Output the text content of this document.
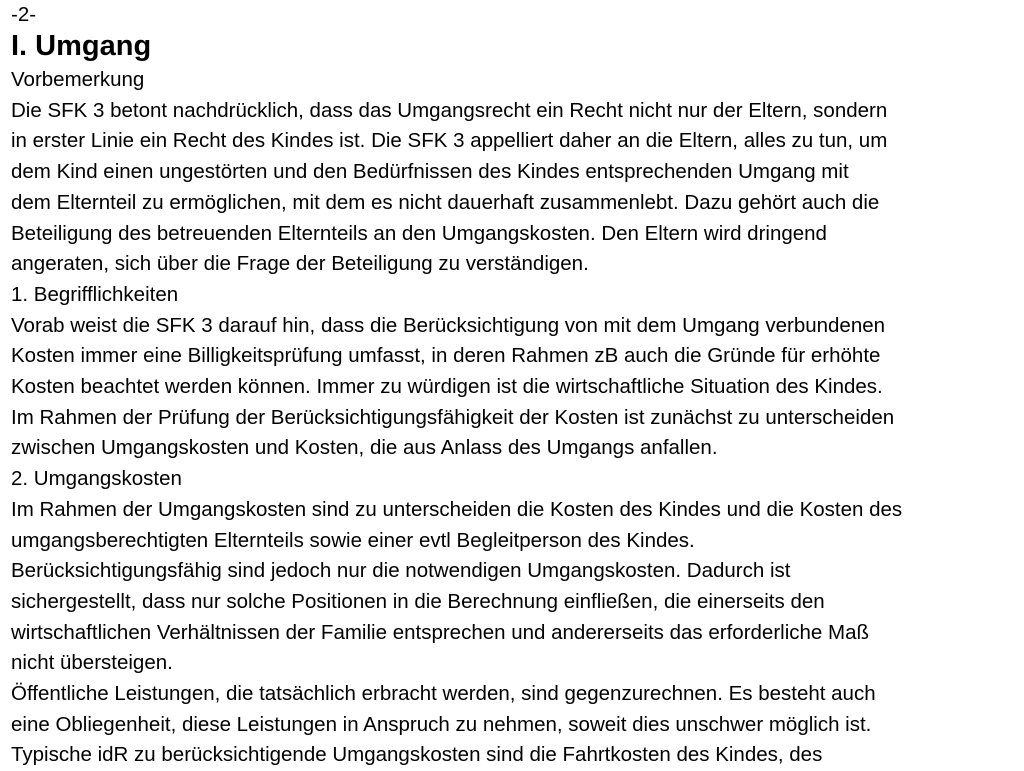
-2-
I. Umgang
Vorbemerkung
Die SFK 3 betont nachdrücklich, dass das Umgangsrecht ein Recht nicht nur der Eltern, sondern
in erster Linie ein Recht des Kindes ist. Die SFK 3 appelliert daher an die Eltern, alles zu tun, um
dem Kind einen ungestörten und den Bedürfnissen des Kindes entsprechenden Umgang mit
dem Elternteil zu ermöglichen, mit dem es nicht dauerhaft zusammenlebt. Dazu gehört auch die
Beteiligung des betreuenden Elternteils an den Umgangskosten. Den Eltern wird dringend
angeraten, sich über die Frage der Beteiligung zu verständigen.
1. Begrifflichkeiten
Vorab weist die SFK 3 darauf hin, dass die Berücksichtigung von mit dem Umgang verbundenen
Kosten immer eine Billigkeitsprüfung umfasst, in deren Rahmen zB auch die Gründe für erhöhte
Kosten beachtet werden können. Immer zu würdigen ist die wirtschaftliche Situation des Kindes.
Im Rahmen der Prüfung der Berücksichtigungsfähigkeit der Kosten ist zunächst zu unterscheiden
zwischen Umgangskosten und Kosten, die aus Anlass des Umgangs anfallen.
2. Umgangskosten
Im Rahmen der Umgangskosten sind zu unterscheiden die Kosten des Kindes und die Kosten des
umgangsberechtigten Elternteils sowie einer evtl Begleitperson des Kindes.
Berücksichtigungsfähig sind jedoch nur die notwendigen Umgangskosten. Dadurch ist
sichergestellt, dass nur solche Positionen in die Berechnung einfließen, die einerseits den
wirtschaftlichen Verhältnissen der Familie entsprechen und andererseits das erforderliche Maß
nicht übersteigen.
Öffentliche Leistungen, die tatsächlich erbracht werden, sind gegenzurechnen. Es besteht auch
eine Obliegenheit, diese Leistungen in Anspruch zu nehmen, soweit dies unschwer möglich ist.
Typische idR zu berücksichtigende Umgangskosten sind die Fahrtkosten des Kindes, des
